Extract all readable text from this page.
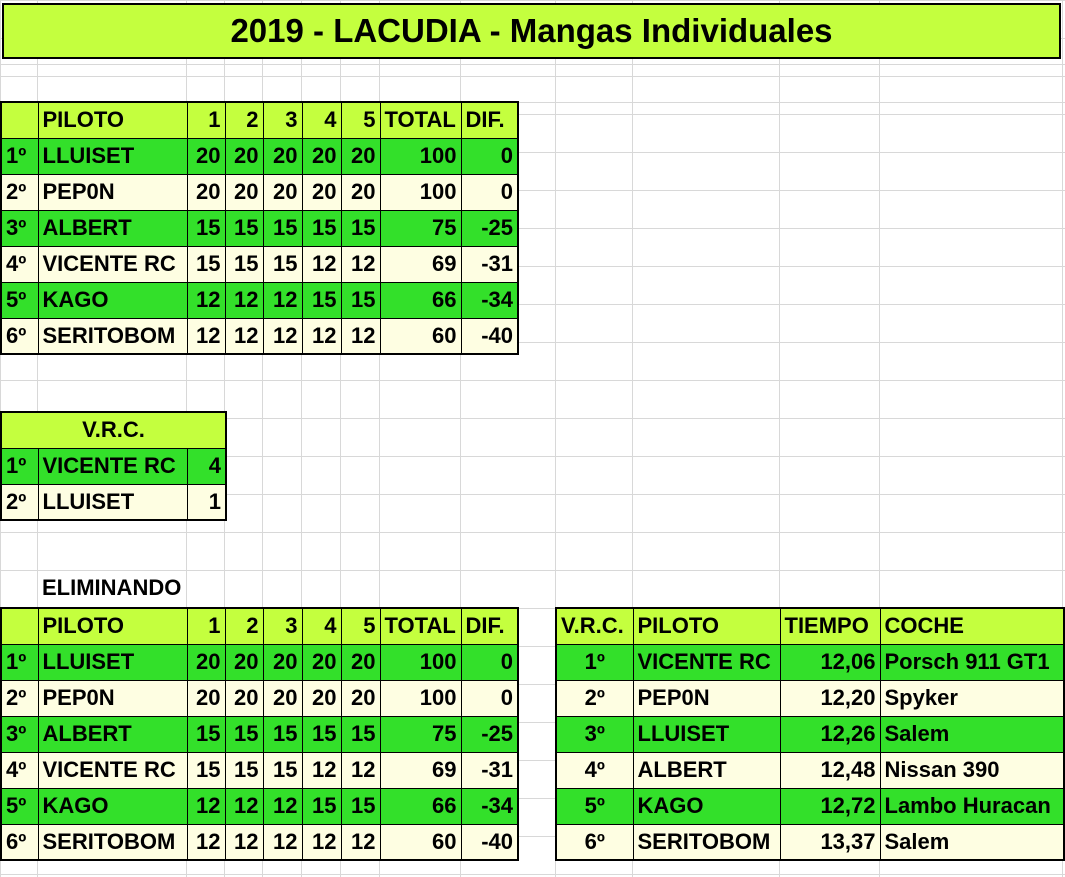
2019 - LACUDIA - Mangas Individuales
	PILOTO	1	2	3	4	5	TOTAL	DIF.
1º	LLUISET	20	20	20	20	20	100	0
2º	PEP0N	20	20	20	20	20	100	0
3º	ALBERT	15	15	15	15	15	75	-25
4º	VICENTE RC	15	15	15	12	12	69	-31
5º	KAGO	12	12	12	15	15	66	-34
6º	SERITOBOM	12	12	12	12	12	60	-40
V.R.C.		
1º	VICENTE RC	4
2º	LLUISET	1
ELIMINANDO
	PILOTO	1	2	3	4	5	TOTAL	DIF.
1º	LLUISET	20	20	20	20	20	100	0
2º	PEP0N	20	20	20	20	20	100	0
3º	ALBERT	15	15	15	15	15	75	-25
4º	VICENTE RC	15	15	15	12	12	69	-31
5º	KAGO	12	12	12	15	15	66	-34
6º	SERITOBOM	12	12	12	12	12	60	-40
V.R.C.	PILOTO	TIEMPO	COCHE
1º	VICENTE RC	12,06	Porsch 911 GT1
2º	PEP0N	12,20	Spyker
3º	LLUISET	12,26	Salem
4º	ALBERT	12,48	Nissan 390
5º	KAGO	12,72	Lambo Huracan
6º	SERITOBOM	13,37	Salem
